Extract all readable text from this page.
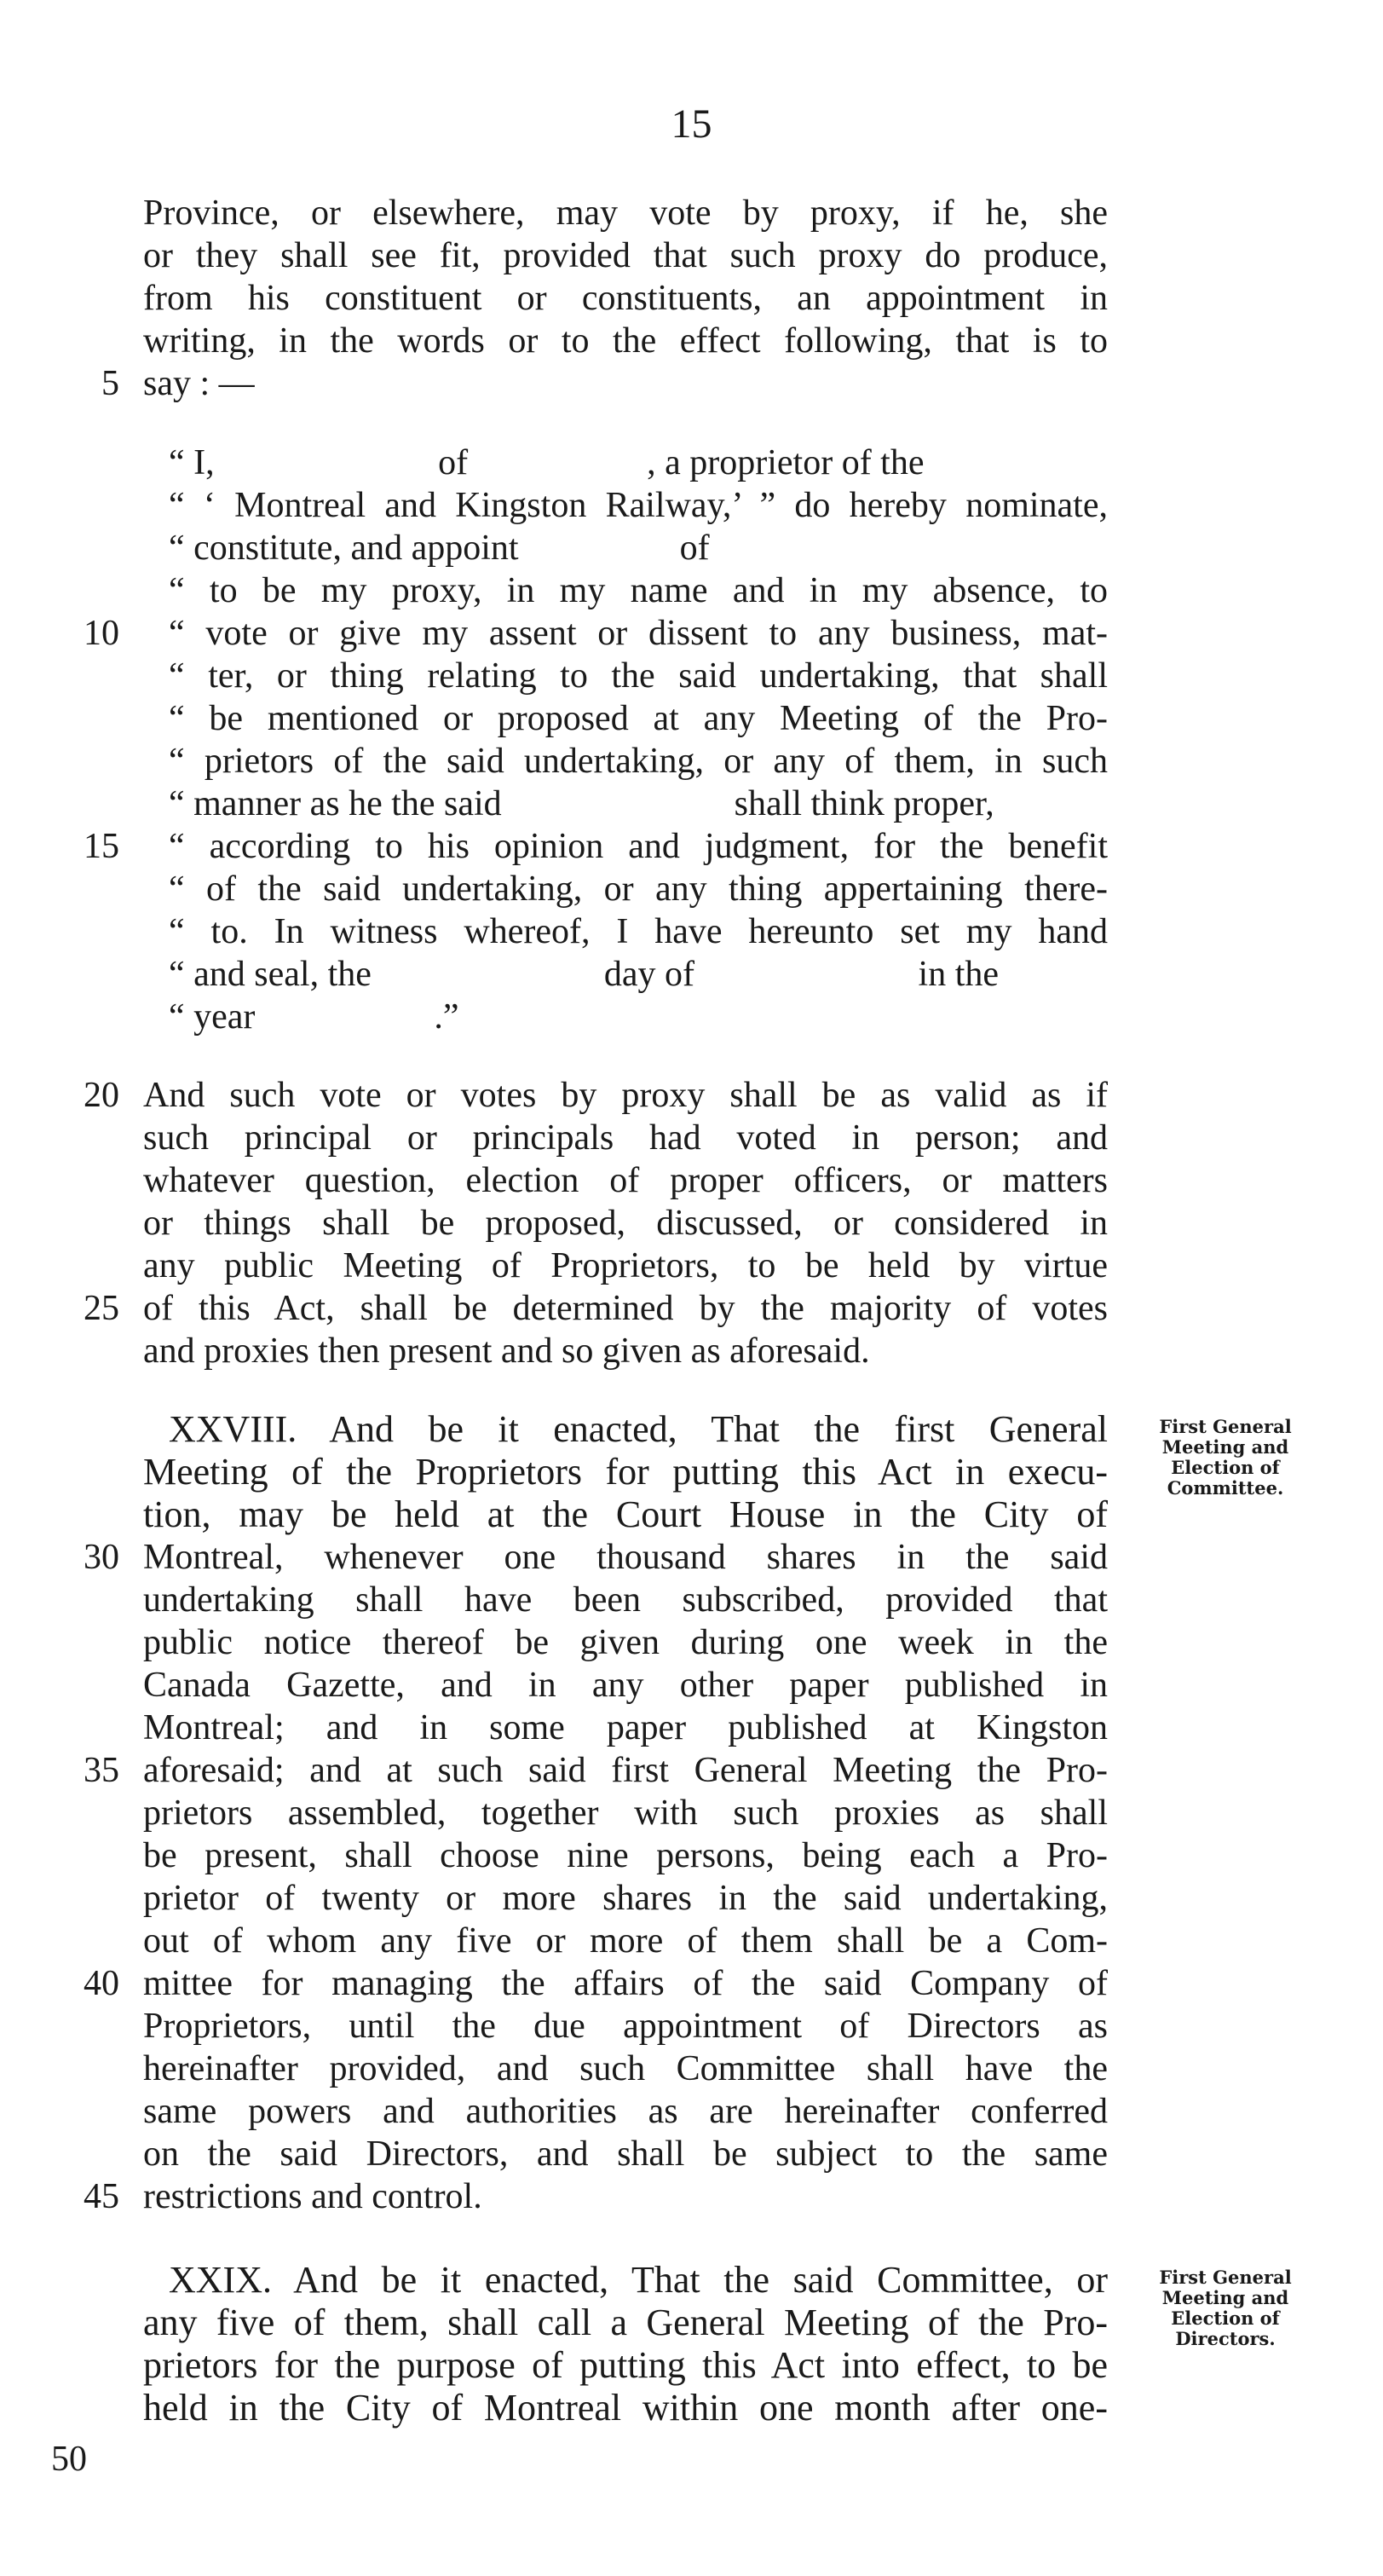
15
Province, or elsewhere, may vote by proxy, if he, she
or they shall see fit, provided that such proxy do produce,
from his constituent or constituents, an appointment in
writing, in the words or to the effect following, that is to
5 say : —
“ I,                         of                    , a proprietor of the
“ ‘ Montreal and Kingston Railway,’ ” do hereby nominate,
“ constitute, and appoint                  of
“ to be my proxy, in my name and in my absence, to
10 “ vote or give my assent or dissent to any business, mat-
“ ter, or thing relating to the said undertaking, that shall
“ be mentioned or proposed at any Meeting of the Pro-
“ prietors of the said undertaking, or any of them, in such
“ manner as he the said                          shall think proper,
15 “ according to his opinion and judgment, for the benefit
“ of the said undertaking, or any thing appertaining there-
“ to. In witness whereof, I have hereunto set my hand
“ and seal, the                          day of                         in the
“ year                    .”
20 And such vote or votes by proxy shall be as valid as if
such principal or principals had voted in person; and
whatever question, election of proper officers, or matters
or things shall be proposed, discussed, or considered in
any public Meeting of Proprietors, to be held by virtue
25 of this Act, shall be determined by the majority of votes
and proxies then present and so given as aforesaid.
XXVIII. And be it enacted, That the first General
Meeting of the Proprietors for putting this Act in execu-
tion, may be held at the Court House in the City of
30 Montreal, whenever one thousand shares in the said
undertaking shall have been subscribed, provided that
public notice thereof be given during one week in the
Canada Gazette, and in any other paper published in
Montreal; and in some paper published at Kingston
35 aforesaid; and at such said first General Meeting the Pro-
prietors assembled, together with such proxies as shall
be present, shall choose nine persons, being each a Pro-
prietor of twenty or more shares in the said undertaking,
out of whom any five or more of them shall be a Com-
40 mittee for managing the affairs of the said Company of
Proprietors, until the due appointment of Directors as
hereinafter provided, and such Committee shall have the
same powers and authorities as are hereinafter conferred
on the said Directors, and shall be subject to the same
45 restrictions and control.
XXIX. And be it enacted, That the said Committee, or
any five of them, shall call a General Meeting of the Pro-
prietors for the purpose of putting this Act into effect, to be
held in the City of Montreal within one month after one-
50
First General
Meeting and
Election of
Committee.
First General
Meeting and
Election of
Directors.
